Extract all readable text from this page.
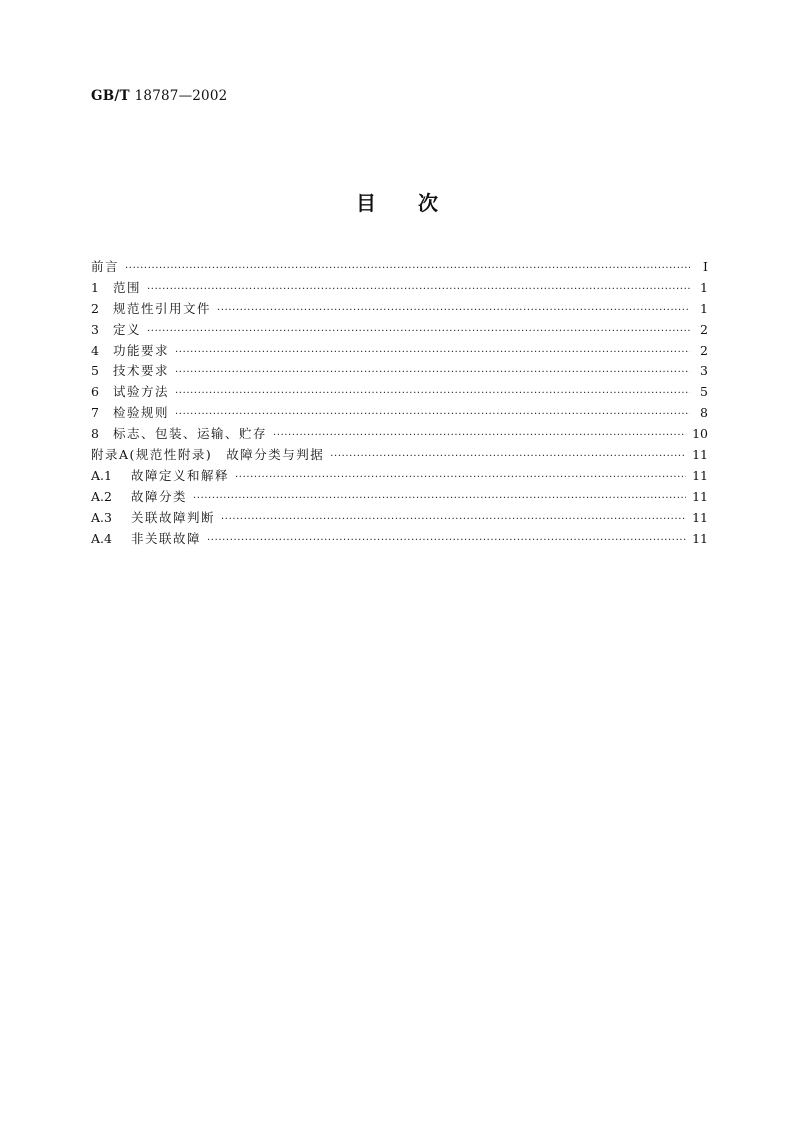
GB/T 18787—2002
目次
前言 ·····	Ⅰ
1	范围 ·····	1
2	规范性引用文件 ·····	1
3	定义 ·····	2
4	功能要求 ·····	2
5	技术要求 ·····	3
6	试验方法 ·····	5
7	检验规则 ·····	8
8	标志、包装、运输、贮存 ·····	10
附录A(规范性附录)　故障分类与判据 ·····	11
A.1	故障定义和解释 ·····	11
A.2	故障分类 ·····	11
A.3	关联故障判断 ·····	11
A.4	非关联故障 ·····	11
